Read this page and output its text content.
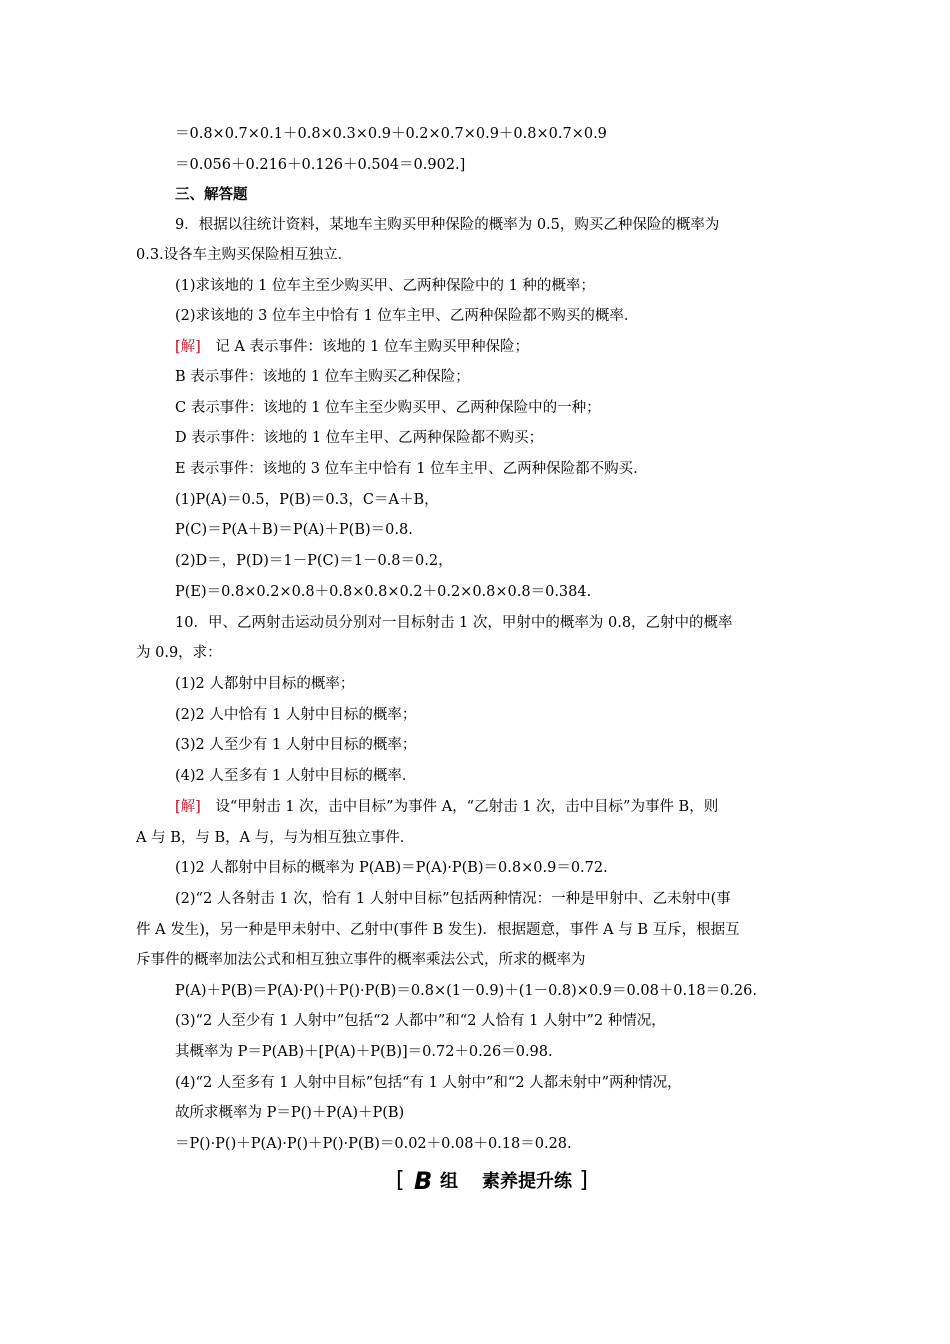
＝0.8×0.7×0.1＋0.8×0.3×0.9＋0.2×0.7×0.9＋0.8×0.7×0.9
＝0.056＋0.216＋0.126＋0.504＝0.902.]
三、解答题
9．根据以往统计资料，某地车主购买甲种保险的概率为 0.5，购买乙种保险的概率为
0.3.设各车主购买保险相互独立．
(1)求该地的 1 位车主至少购买甲、乙两种保险中的 1 种的概率；
(2)求该地的 3 位车主中恰有 1 位车主甲、乙两种保险都不购买的概率．
[解]　 记 A 表示事件：该地的 1 位车主购买甲种保险；
B 表示事件：该地的 1 位车主购买乙种保险；
C 表示事件：该地的 1 位车主至少购买甲、乙两种保险中的一种；
D 表示事件：该地的 1 位车主甲、乙两种保险都不购买；
E 表示事件：该地的 3 位车主中恰有 1 位车主甲、乙两种保险都不购买．
(1)P(A)＝0.5，P(B)＝0.3，C＝A＋B，
P(C)＝P(A＋B)＝P(A)＋P(B)＝0.8.
(2)D＝，P(D)＝1－P(C)＝1－0.8＝0.2，
P(E)＝0.8×0.2×0.8＋0.8×0.8×0.2＋0.2×0.8×0.8＝0.384.
10．甲、乙两射击运动员分别对一目标射击 1 次，甲射中的概率为 0.8，乙射中的概率
为 0.9，求：
(1)2 人都射中目标的概率；
(2)2 人中恰有 1 人射中目标的概率；
(3)2 人至少有 1 人射中目标的概率；
(4)2 人至多有 1 人射中目标的概率．
[解]　 设“甲射击 1 次，击中目标”为事件 A，“乙射击 1 次，击中目标”为事件 B，则
A 与 B，与 B，A 与，与为相互独立事件．
(1)2 人都射中目标的概率为 P(AB)＝P(A)·P(B)＝0.8×0.9＝0.72.
(2)“2 人各射击 1 次，恰有 1 人射中目标”包括两种情况：一种是甲射中、乙未射中(事
件 A 发生)，另一种是甲未射中、乙射中(事件 B 发生)．根据题意，事件 A 与 B 互斥，根据互
斥事件的概率加法公式和相互独立事件的概率乘法公式，所求的概率为
P(A)＋P(B)＝P(A)·P()＋P()·P(B)＝0.8×(1－0.9)＋(1－0.8)×0.9＝0.08＋0.18＝0.26.
(3)“2 人至少有 1 人射中”包括“2 人都中”和“2 人恰有 1 人射中”2 种情况，
其概率为 P＝P(AB)＋[P(A)＋P(B)]＝0.72＋0.26＝0.98.
(4)“2 人至多有 1 人射中目标”包括“有 1 人射中”和“2 人都未射中”两种情况，
故所求概率为 P＝P()＋P(A)＋P(B)
＝P()·P()＋P(A)·P()＋P()·P(B)＝0.02＋0.08＋0.18＝0.28.
[ B 组 素养提升练 ]
